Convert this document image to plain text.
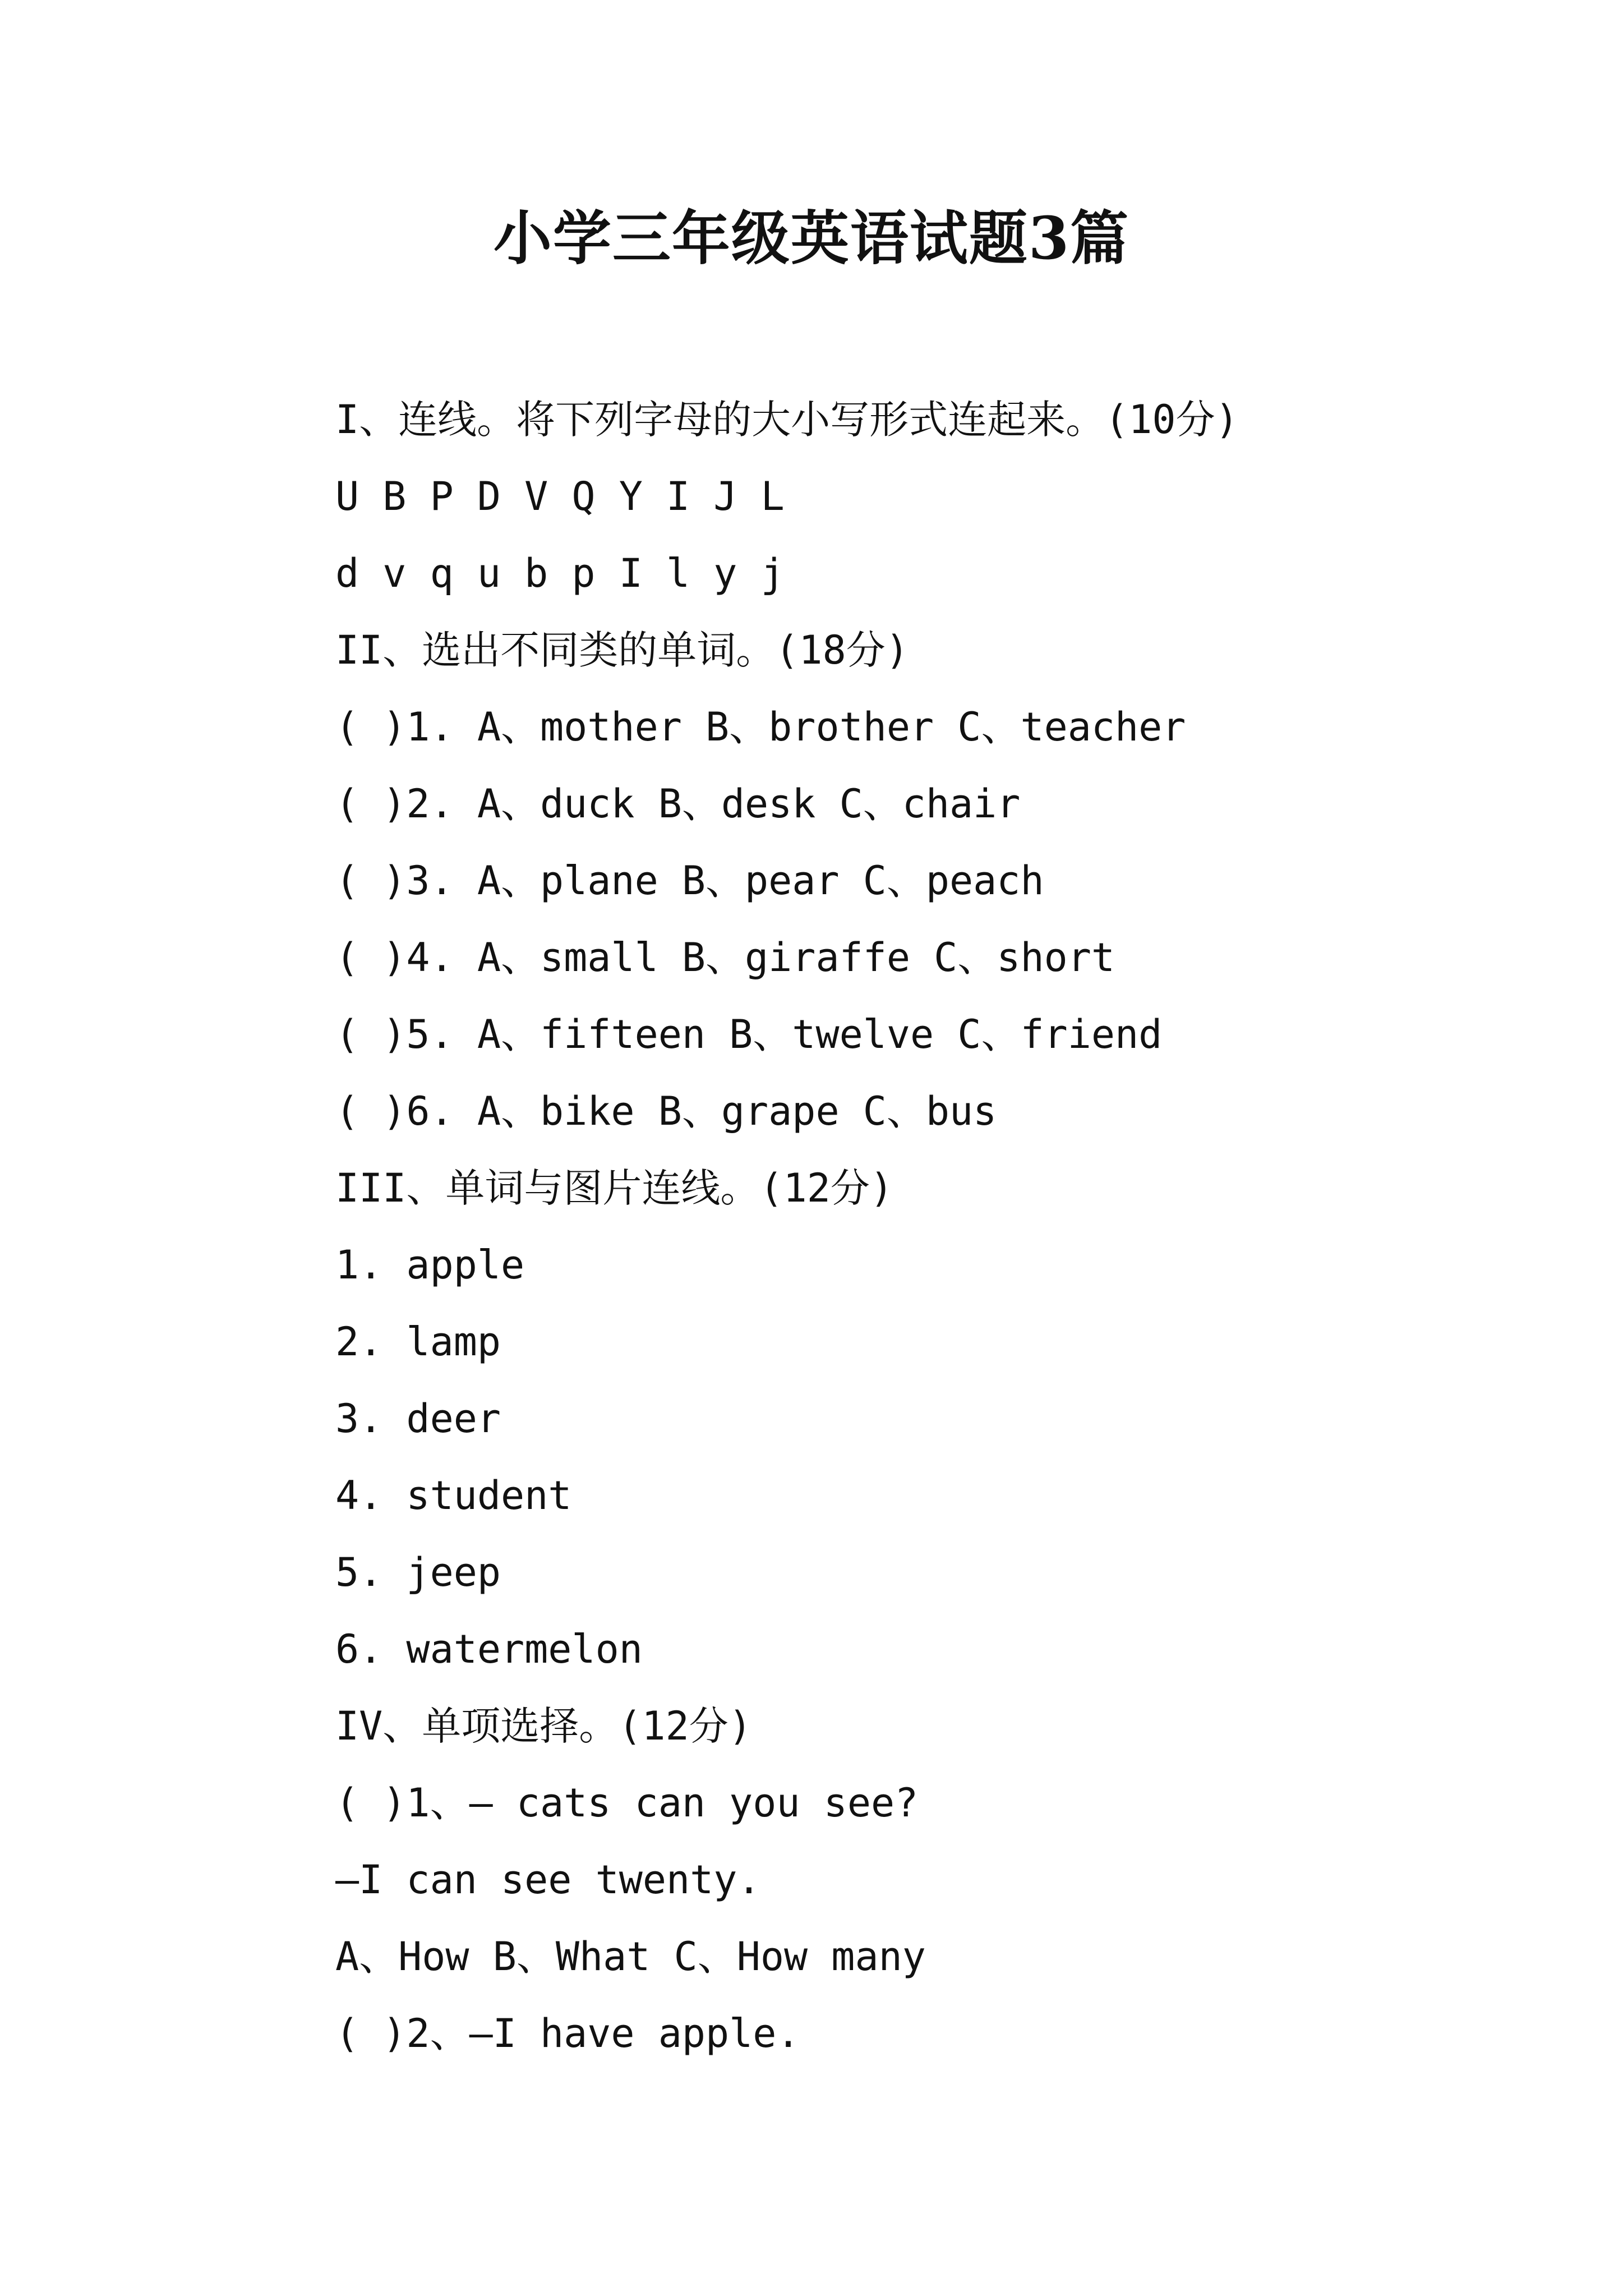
小学三年级英语试题3篇
I、连线。将下列字母的大小写形式连起来。(10分)
U B P D V Q Y I J L
d v q u b p I l y j
II、选出不同类的单词。(18分)
( )1. A、mother B、brother C、teacher
( )2. A、duck B、desk C、chair
( )3. A、plane B、pear C、peach
( )4. A、small B、giraffe C、short
( )5. A、fifteen B、twelve C、friend
( )6. A、bike B、grape C、bus
III、单词与图片连线。(12分)
1. apple
2. lamp
3. deer
4. student
5. jeep
6. watermelon
IV、单项选择。(12分)
( )1、— cats can you see?
—I can see twenty.
A、How B、What C、How many
( )2、—I have apple.
